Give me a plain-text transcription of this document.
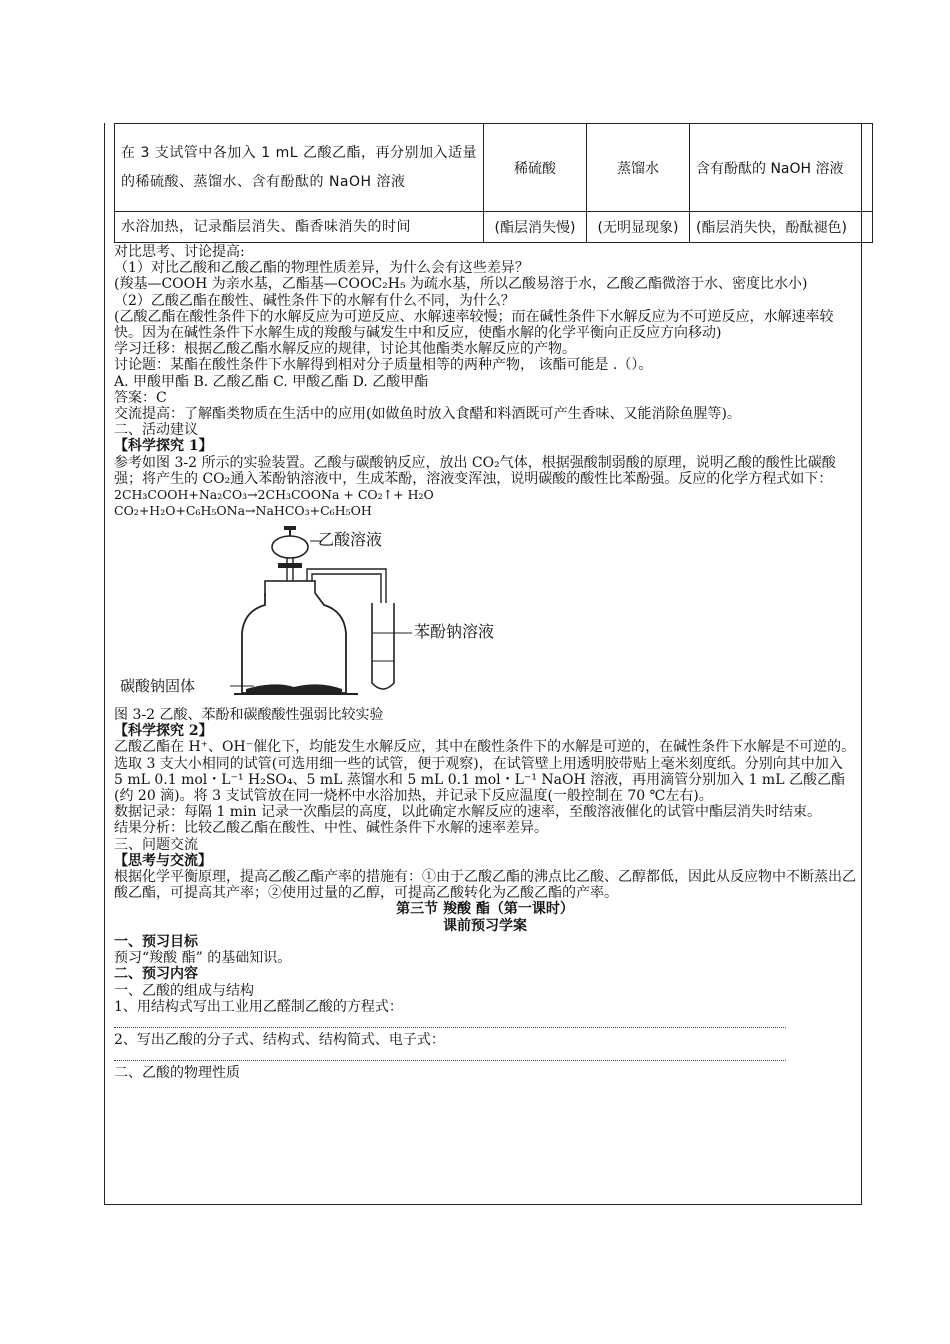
在 3 支试管中各加入 1 mL 乙酸乙酯，再分别加入适量的稀硫酸、蒸馏水、含有酚酞的 NaOH 溶液	稀硫酸	蒸馏水	含有酚酞的 NaOH 溶液
水浴加热，记录酯层消失、酯香味消失的时间	(酯层消失慢)	(无明显现象)	(酯层消失快，酚酞褪色)

对比思考、讨论提高:

（1）对比乙酸和乙酸乙酯的物理性质差异，为什么会有这些差异？

(羧基—COOH 为亲水基，乙酯基—COOC₂H₅ 为疏水基，所以乙酸易溶于水，乙酸乙酯微溶于水、密度比水小)

（2）乙酸乙酯在酸性、碱性条件下的水解有什么不同，为什么？

(乙酸乙酯在酸性条件下的水解反应为可逆反应、水解速率较慢；而在碱性条件下水解反应为不可逆反应，水解速率较快。因为在碱性条件下水解生成的羧酸与碱发生中和反应，使酯水解的化学平衡向正反应方向移动)

学习迁移：根据乙酸乙酯水解反应的规律，讨论其他酯类水解反应的产物。

讨论题：某酯在酸性条件下水解得到相对分子质量相等的两种产物， 该酯可能是 .（）。

A. 甲酸甲酯 B. 乙酸乙酯 C. 甲酸乙酯 D. 乙酸甲酯

答案：C

交流提高：了解酯类物质在生活中的应用(如做鱼时放入食醋和料酒既可产生香味、又能消除鱼腥等)。

二、活动建议

【科学探究 1】

参考如图 3-2 所示的实验装置。乙酸与碳酸钠反应，放出 CO₂气体，根据强酸制弱酸的原理，说明乙酸的酸性比碳酸强；将产生的 CO₂通入苯酚钠溶液中，生成苯酚，溶液变浑浊，说明碳酸的酸性比苯酚强。反应的化学方程式如下：

2CH₃COOH+Na₂CO₃→2CH₃COONa + CO₂↑+ H₂O

CO₂+H₂O+C₆H₅ONa→NaHCO₃+C₆H₅OH

乙酸溶液
苯酚钠溶液
碳酸钠固体

图 3-2 乙酸、苯酚和碳酸酸性强弱比较实验

【科学探究 2】

乙酸乙酯在 H⁺、OH⁻催化下，均能发生水解反应，其中在酸性条件下的水解是可逆的，在碱性条件下水解是不可逆的。

选取 3 支大小相同的试管(可选用细一些的试管，便于观察)，在试管壁上用透明胶带贴上毫米刻度纸。分别向其中加入 5 mL 0.1 mol・L⁻¹ H₂SO₄、5 mL 蒸馏水和 5 mL 0.1 mol・L⁻¹ NaOH 溶液，再用滴管分别加入 1 mL 乙酸乙酯(约 20 滴)。将 3 支试管放在同一烧杯中水浴加热，并记录下反应温度(一般控制在 70 ℃左右)。

数据记录：每隔 1 min 记录一次酯层的高度，以此确定水解反应的速率，至酸溶液催化的试管中酯层消失时结束。

结果分析：比较乙酸乙酯在酸性、中性、碱性条件下水解的速率差异。

三、问题交流

【思考与交流】

根据化学平衡原理，提高乙酸乙酯产率的措施有：①由于乙酸乙酯的沸点比乙酸、乙醇都低，因此从反应物中不断蒸出乙酸乙酯，可提高其产率；②使用过量的乙醇，可提高乙酸转化为乙酸乙酯的产率。

第三节 羧酸 酯（第一课时）

课前预习学案

一、预习目标

预习“羧酸 酯” 的基础知识。

二、预习内容

一、乙酸的组成与结构

1、用结构式写出工业用乙醛制乙酸的方程式：

2、写出乙酸的分子式、结构式、结构简式、电子式：

二、乙酸的物理性质
